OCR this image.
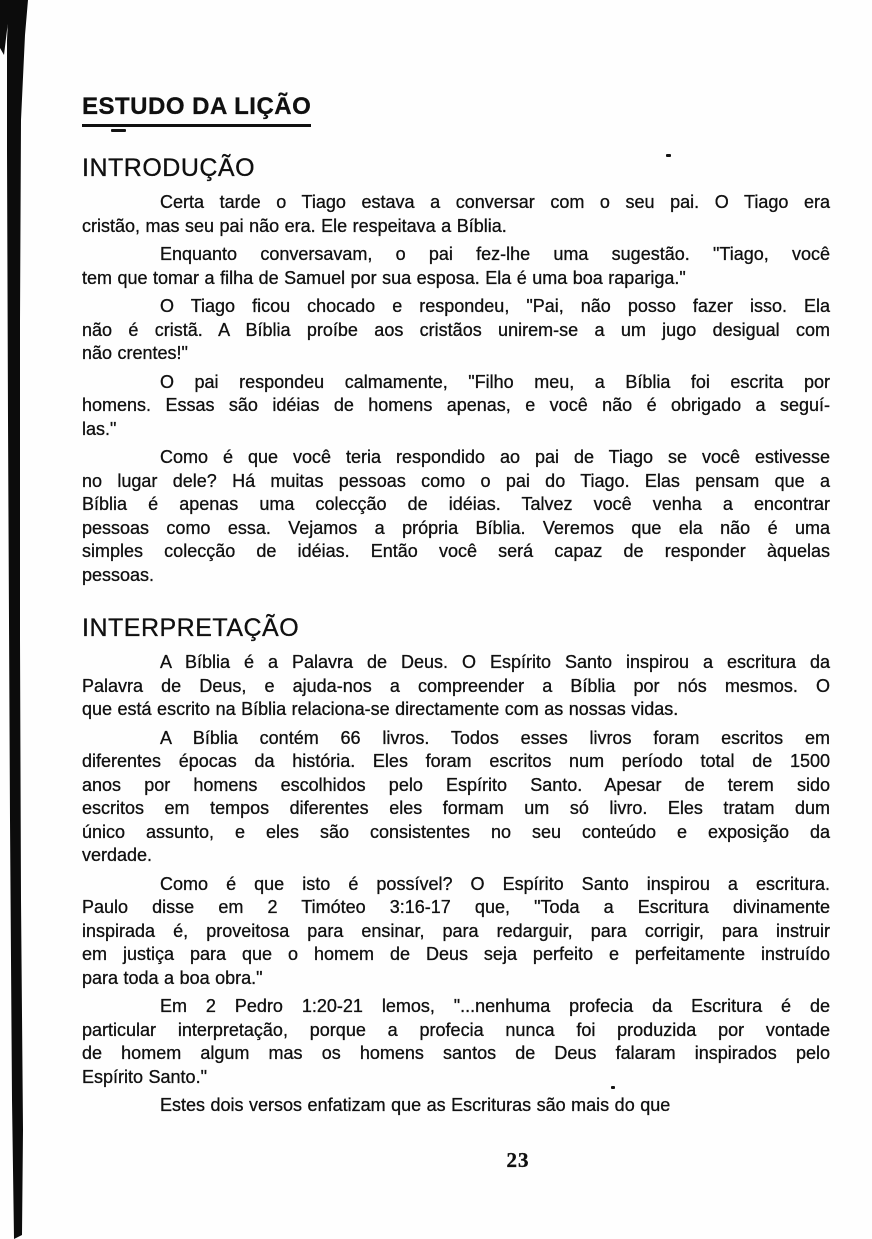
ESTUDO DA LIÇÃO
INTRODUÇÃO
Certa tarde o Tiago estava a conversar com o seu pai. O Tiago era
cristão, mas seu pai não era. Ele respeitava a Bíblia.
Enquanto conversavam, o pai fez-lhe uma sugestão. "Tiago, você
tem que tomar a filha de Samuel por sua esposa. Ela é uma boa rapariga."
O Tiago ficou chocado e respondeu, "Pai, não posso fazer isso. Ela
não é cristã. A Bíblia proíbe aos cristãos unirem-se a um jugo desigual com
não crentes!"
O pai respondeu calmamente, "Filho meu, a Bíblia foi escrita por
homens. Essas são idéias de homens apenas, e você não é obrigado a seguí-
las."
Como é que você teria respondido ao pai de Tiago se você estivesse
no lugar dele? Há muitas pessoas como o pai do Tiago. Elas pensam que a
Bíblia é apenas uma colecção de idéias. Talvez você venha a encontrar
pessoas como essa. Vejamos a própria Bíblia. Veremos que ela não é uma
simples colecção de idéias. Então você será capaz de responder àquelas
pessoas.
INTERPRETAÇÃO
A Bíblia é a Palavra de Deus. O Espírito Santo inspirou a escritura da
Palavra de Deus, e ajuda-nos a compreender a Bíblia por nós mesmos. O
que está escrito na Bíblia relaciona-se directamente com as nossas vidas.
A Bíblia contém 66 livros. Todos esses livros foram escritos em
diferentes épocas da história. Eles foram escritos num período total de 1500
anos por homens escolhidos pelo Espírito Santo. Apesar de terem sido
escritos em tempos diferentes eles formam um só livro. Eles tratam dum
único assunto, e eles são consistentes no seu conteúdo e exposição da
verdade.
Como é que isto é possível? O Espírito Santo inspirou a escritura.
Paulo disse em 2 Timóteo 3:16-17 que, "Toda a Escritura divinamente
inspirada é, proveitosa para ensinar, para redarguir, para corrigir, para instruir
em justiça para que o homem de Deus seja perfeito e perfeitamente instruído
para toda a boa obra."
Em 2 Pedro 1:20-21 lemos, "...nenhuma profecia da Escritura é de
particular interpretação, porque a profecia nunca foi produzida por vontade
de homem algum mas os homens santos de Deus falaram inspirados pelo
Espírito Santo."
Estes dois versos enfatizam que as Escrituras são mais do que
23
